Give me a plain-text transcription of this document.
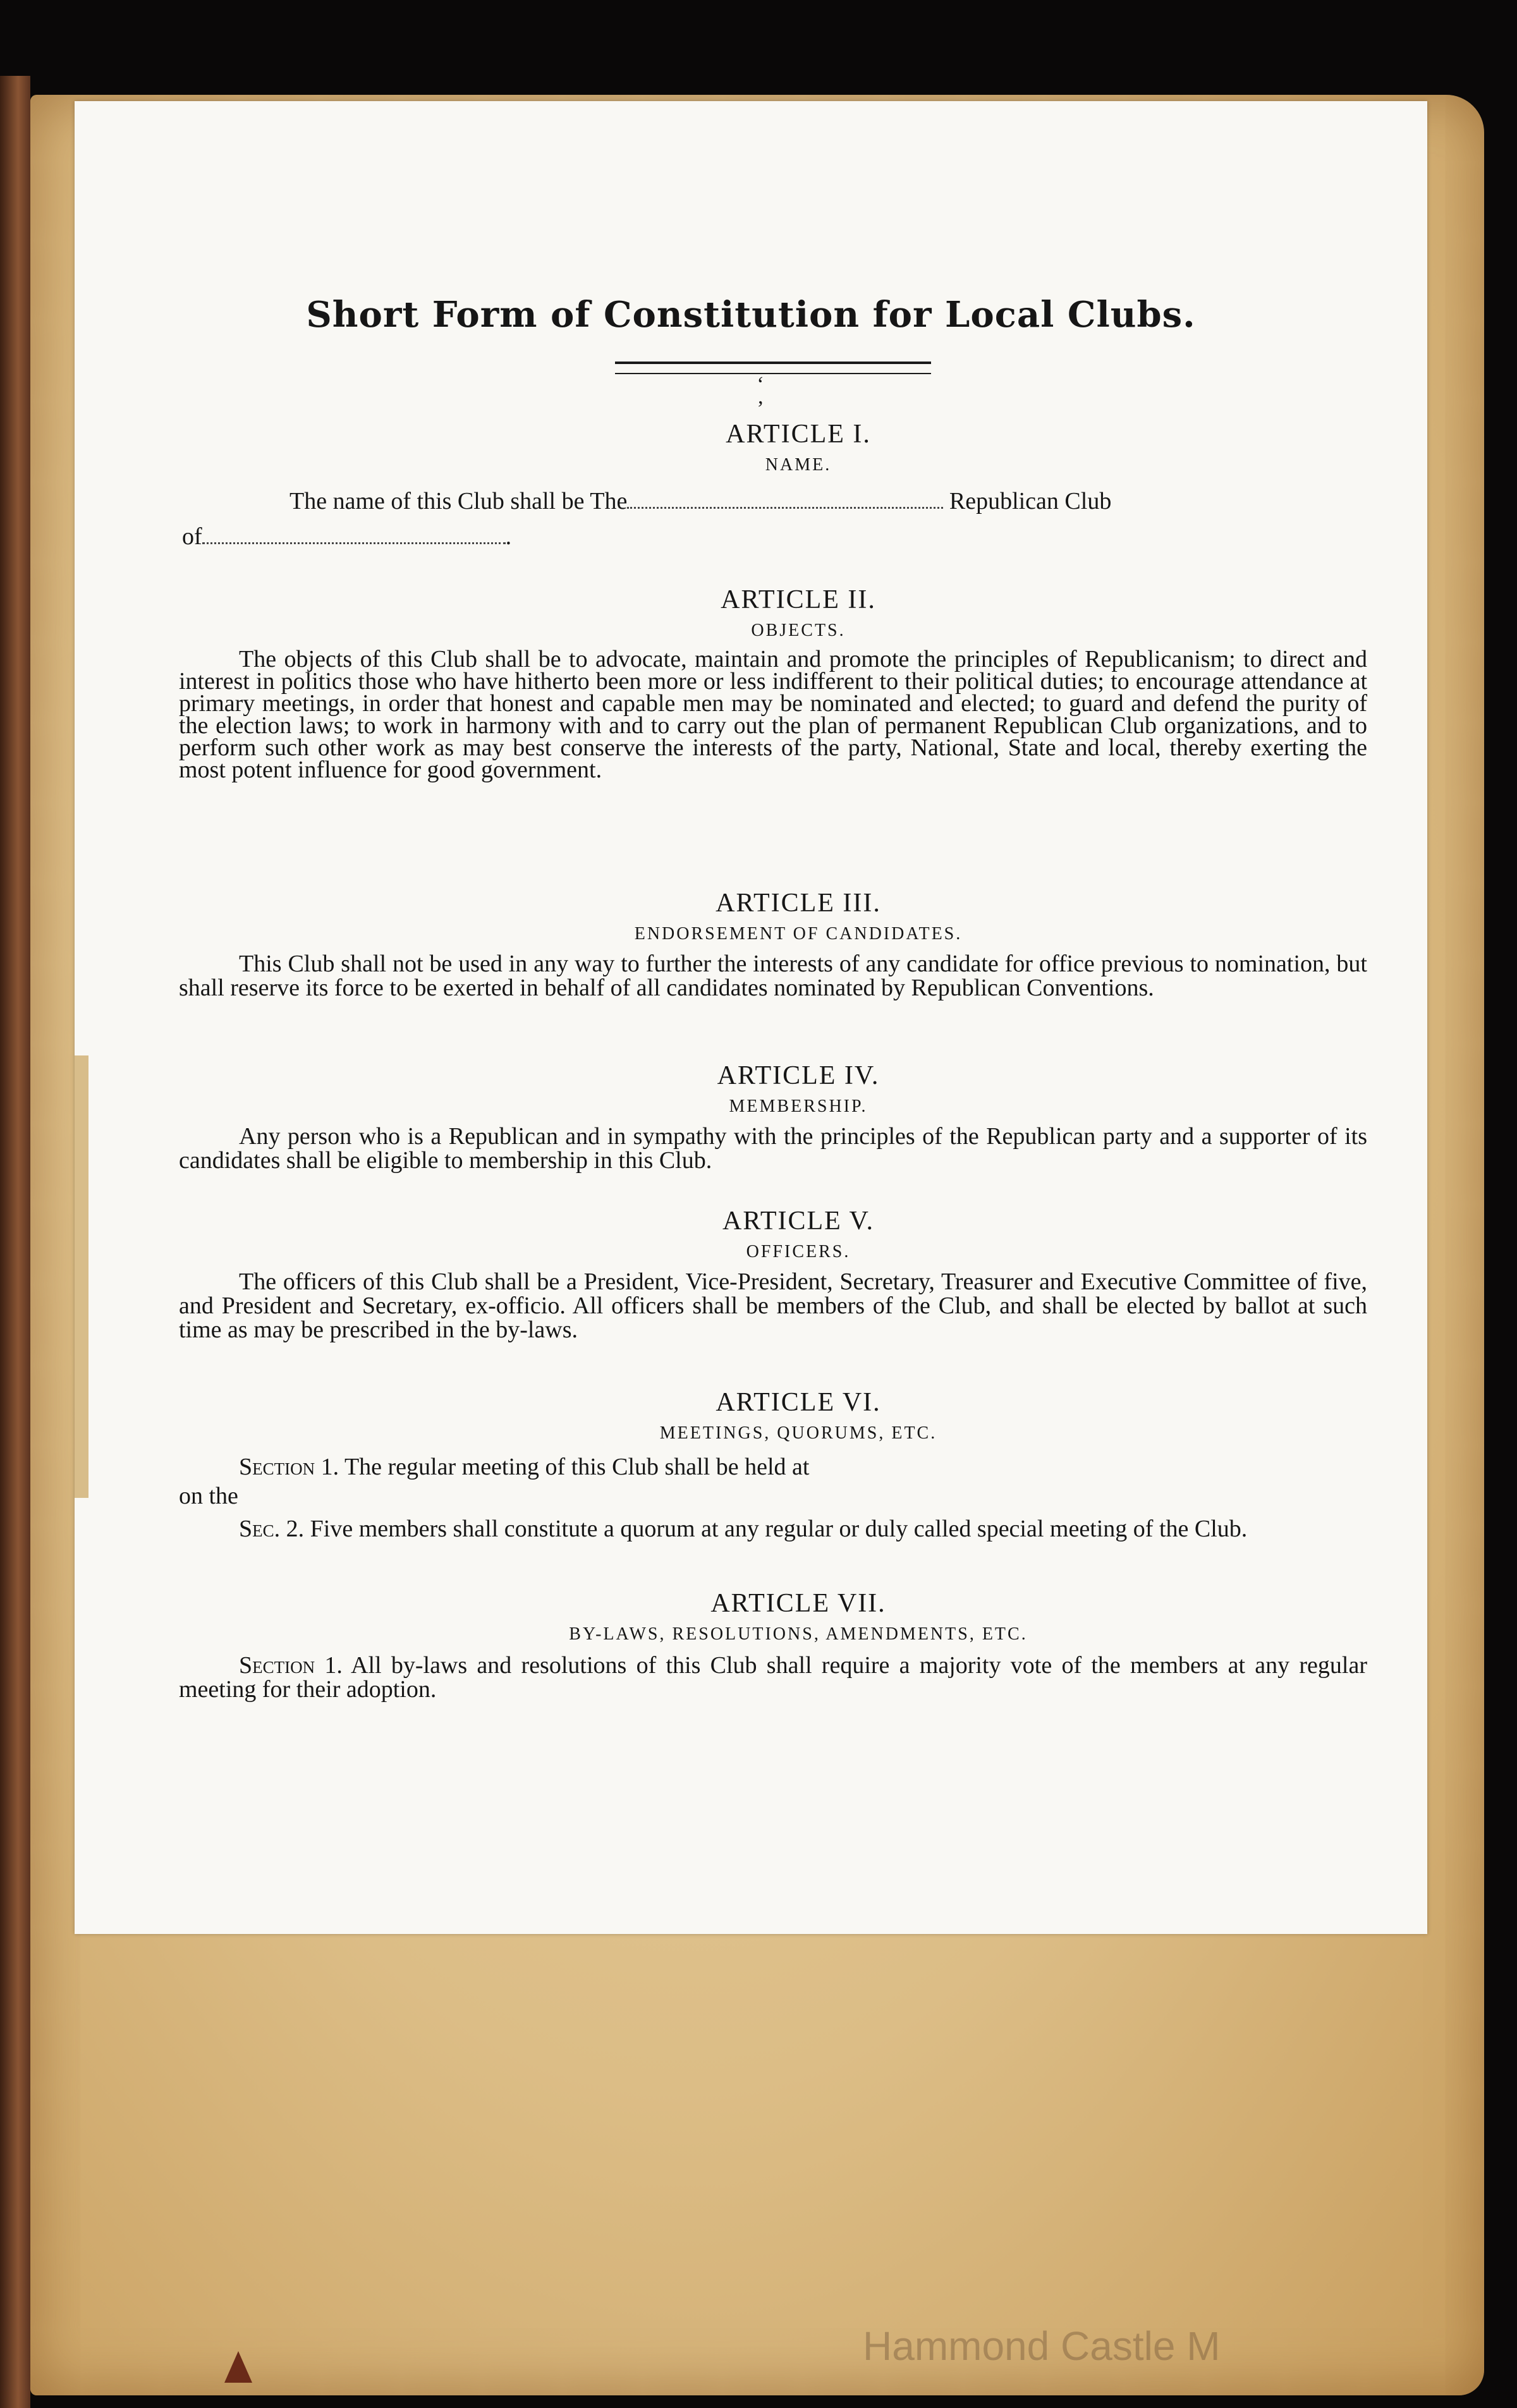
Short Form of Constitution for Local Clubs.
‘ ’
ARTICLE I.
NAME.
The name of this Club shall be The	Republican Club
of	.
ARTICLE II.
OBJECTS.
The objects of this Club shall be to advocate, maintain and promote the principles of Republicanism; to direct and interest in politics those who have hitherto been more or less indifferent to their political duties; to encourage attendance at primary meetings, in order that honest and capable men may be nominated and elected; to guard and defend the purity of the election laws; to work in harmony with and to carry out the plan of permanent Republican Club organizations, and to perform such other work as may best conserve the interests of the party, National, State and local, thereby exerting the most potent influence for good government.
ARTICLE III.
ENDORSEMENT OF CANDIDATES.
This Club shall not be used in any way to further the interests of any candidate for office previous to nomination, but shall reserve its force to be exerted in behalf of all candidates nominated by Republican Conventions.
ARTICLE IV.
MEMBERSHIP.
Any person who is a Republican and in sympathy with the principles of the Republican party and a supporter of its candidates shall be eligible to membership in this Club.
ARTICLE V.
OFFICERS.
The officers of this Club shall be a President, Vice-President, Secretary, Treasurer and Executive Committee of five, and President and Secretary, ex-officio. All officers shall be members of the Club, and shall be elected by ballot at such time as may be prescribed in the by-laws.
ARTICLE VI.
MEETINGS, QUORUMS, ETC.
Section 1. The regular meeting of this Club shall be held at
on the
Sec. 2. Five members shall constitute a quorum at any regular or duly called special meeting of the Club.
ARTICLE VII.
BY-LAWS, RESOLUTIONS, AMENDMENTS, ETC.
Section 1. All by-laws and resolutions of this Club shall require a majority vote of the members at any regular meeting for their adoption.
Hammond Castle M
